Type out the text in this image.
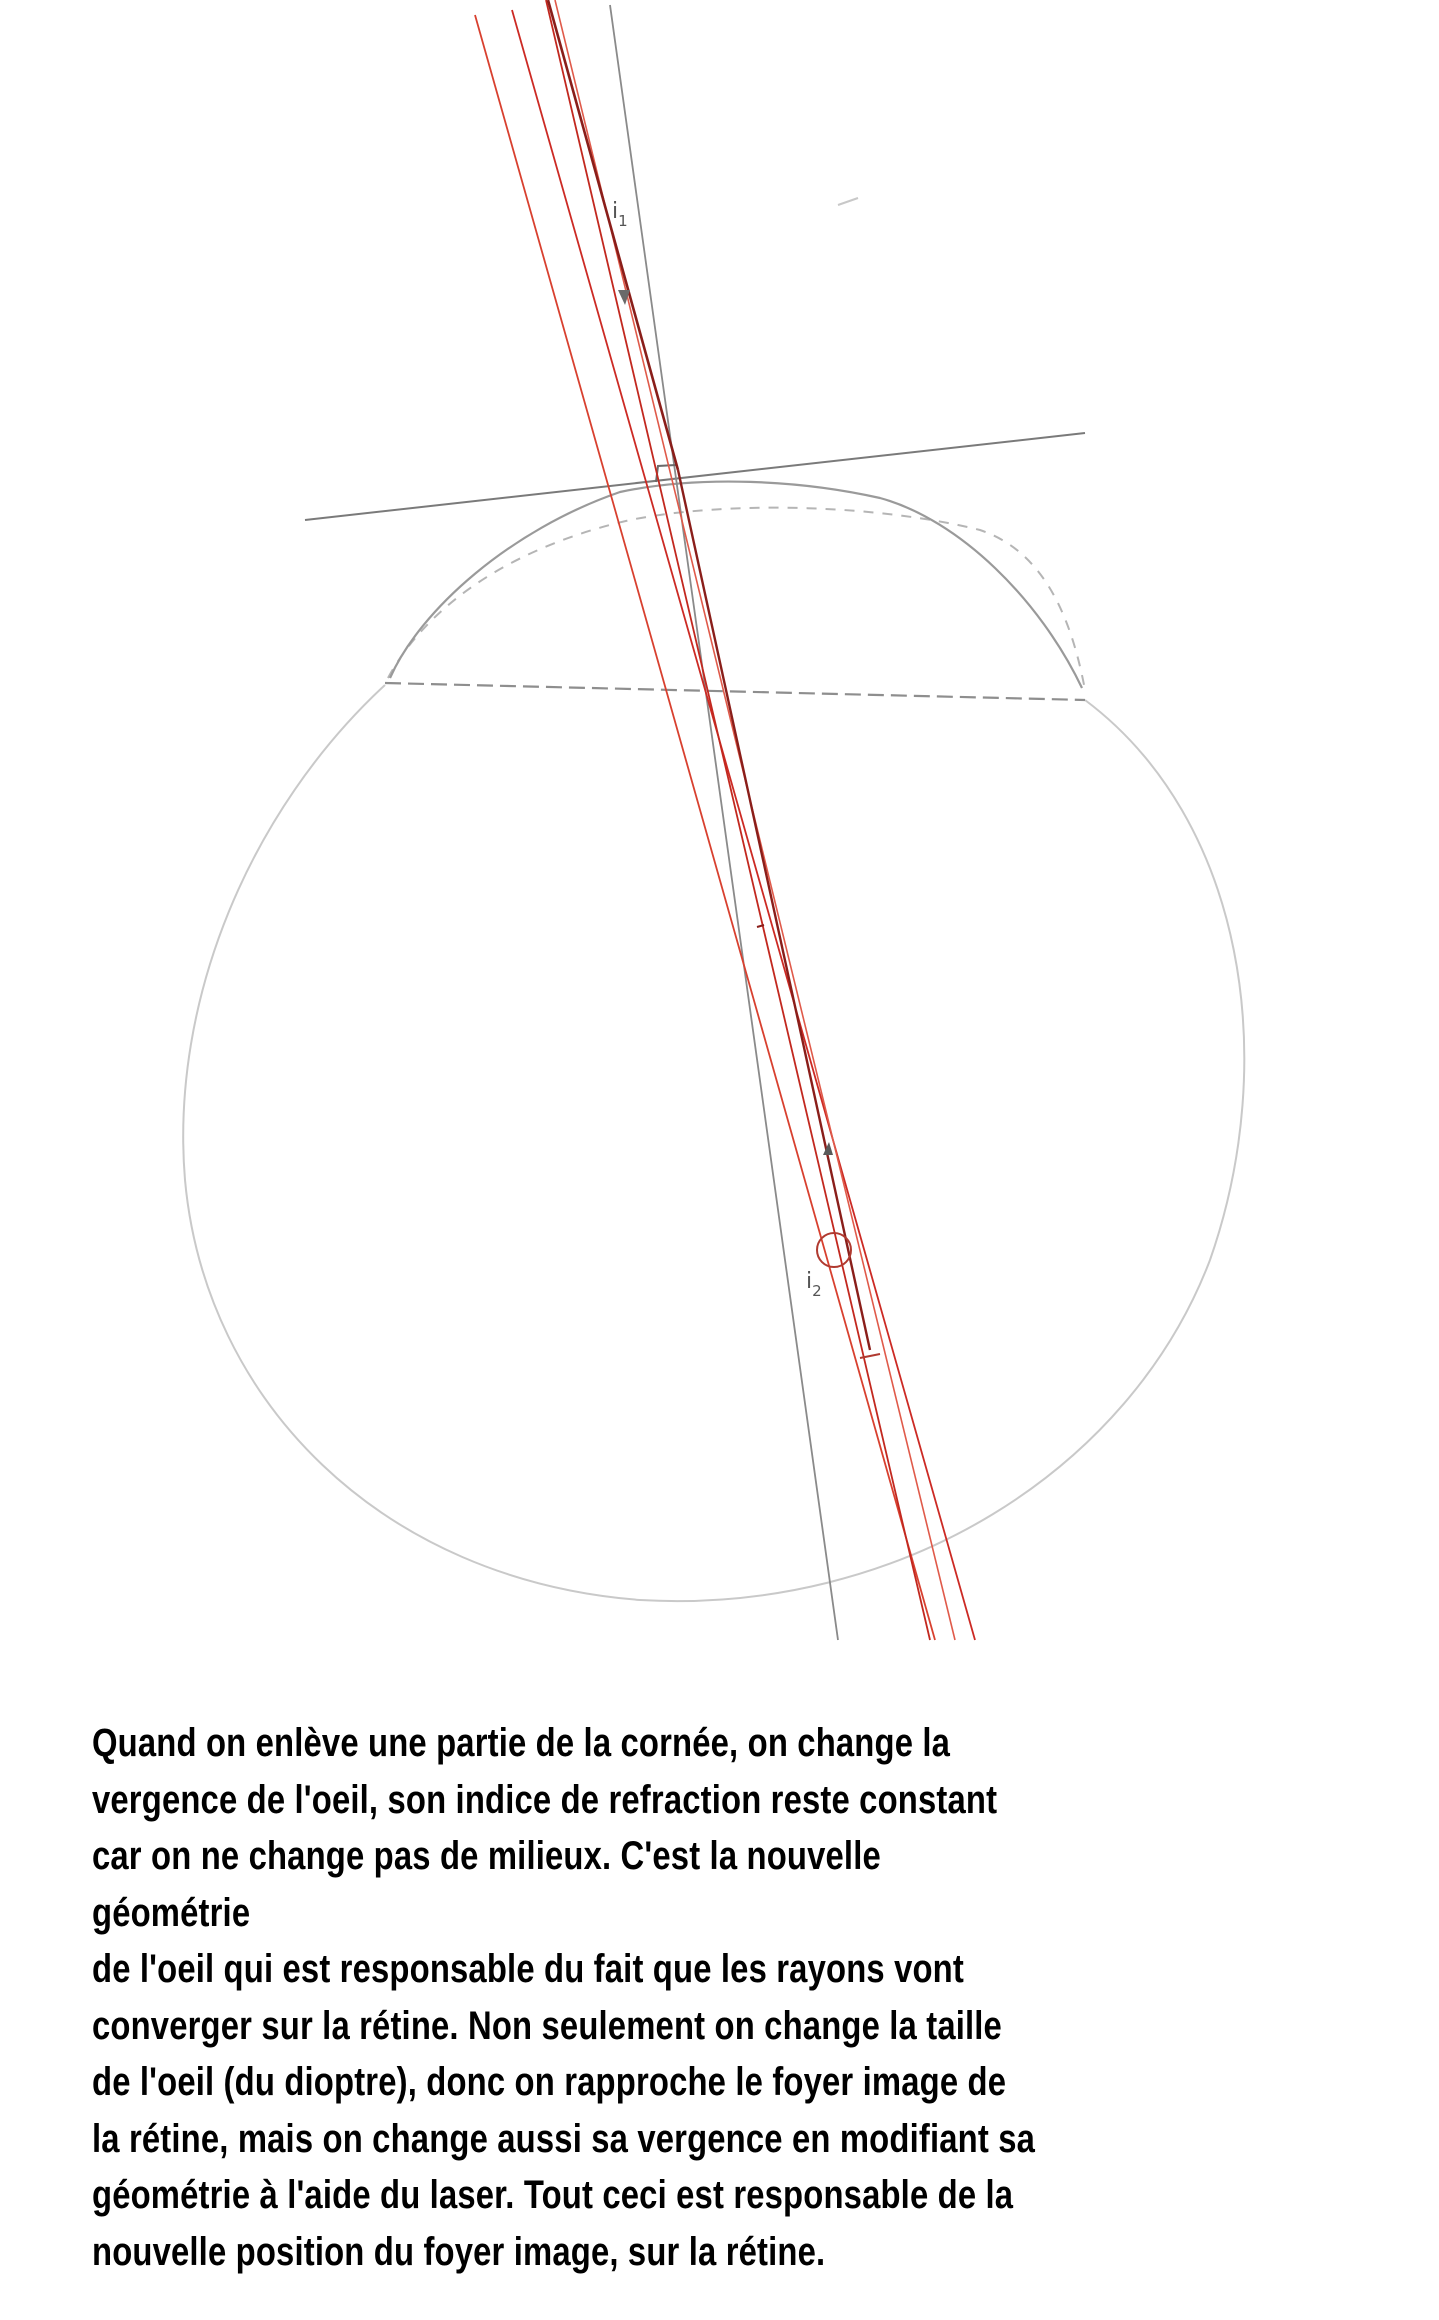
$i_1$
$i_2$

Quand on enlève une partie de la cornée, on change la
vergence de l'oeil, son indice de refraction reste constant
car on ne change pas de milieux. C'est la nouvelle géométrie
de l'oeil qui est responsable du fait que les rayons vont
converger sur la rétine. Non seulement on change la taille
de l'oeil (du dioptre), donc on rapproche le foyer image de
la rétine, mais on change aussi sa vergence en modifiant sa
géométrie à l'aide du laser. Tout ceci est responsable de la
nouvelle position du foyer image, sur la rétine.
